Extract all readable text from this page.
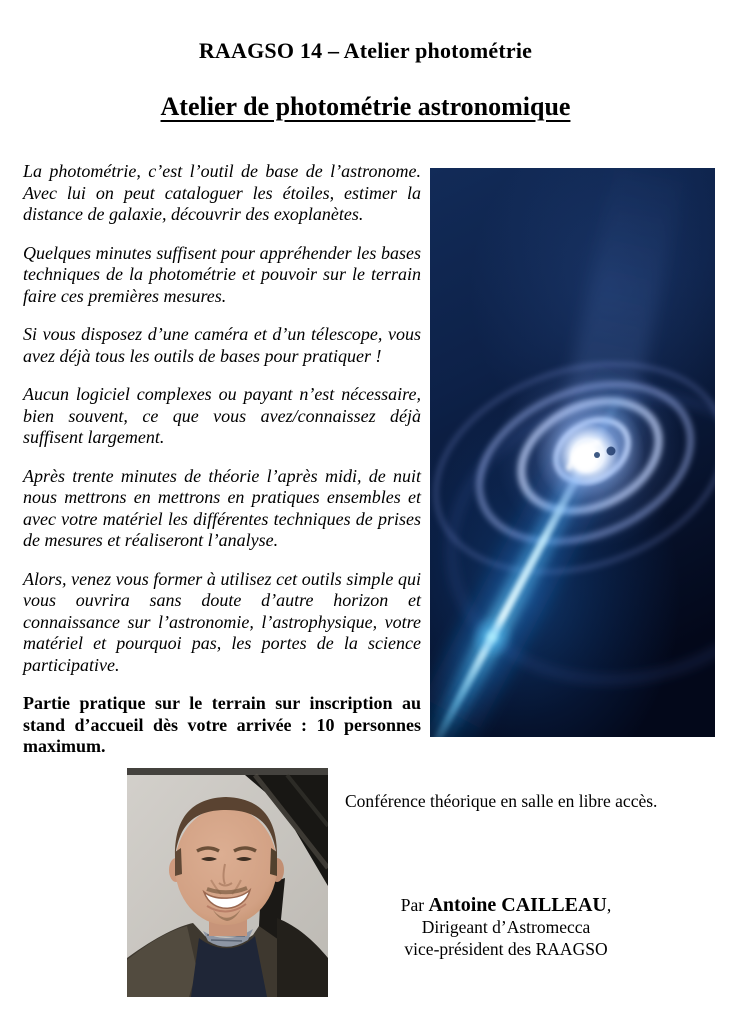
RAAGSO 14 – Atelier photométrie
Atelier de photométrie astronomique

La photométrie, c’est l’outil de base de l’astronome. Avec lui on peut cataloguer les étoiles, estimer la distance de galaxie, découvrir des exoplanètes.

Quelques minutes suffisent pour appréhender les bases techniques de la photométrie et pouvoir sur le terrain faire ces premières mesures.

Si vous disposez d’une caméra et d’un télescope, vous avez déjà tous les outils de bases pour pratiquer !

Aucun logiciel complexes ou payant n’est nécessaire, bien souvent, ce que vous avez/connaissez déjà suffisent largement.

Après trente minutes de théorie l’après midi, de nuit nous mettrons en mettrons en pratiques ensembles et avec votre matériel les différentes techniques de prises de mesures et réaliseront l’analyse.

Alors, venez vous former à utilisez cet outils simple qui vous ouvrira sans doute d’autre horizon et connaissance sur l’astronomie, l’astrophysique, votre matériel et pourquoi pas, les portes de la science participative.

Partie pratique sur le terrain sur inscription au stand d’accueil dès votre arrivée : 10 personnes maximum.

Conférence théorique en salle en libre accès.
Par Antoine CAILLEAU,
Dirigeant d’Astromecca
vice-président des RAAGSO
